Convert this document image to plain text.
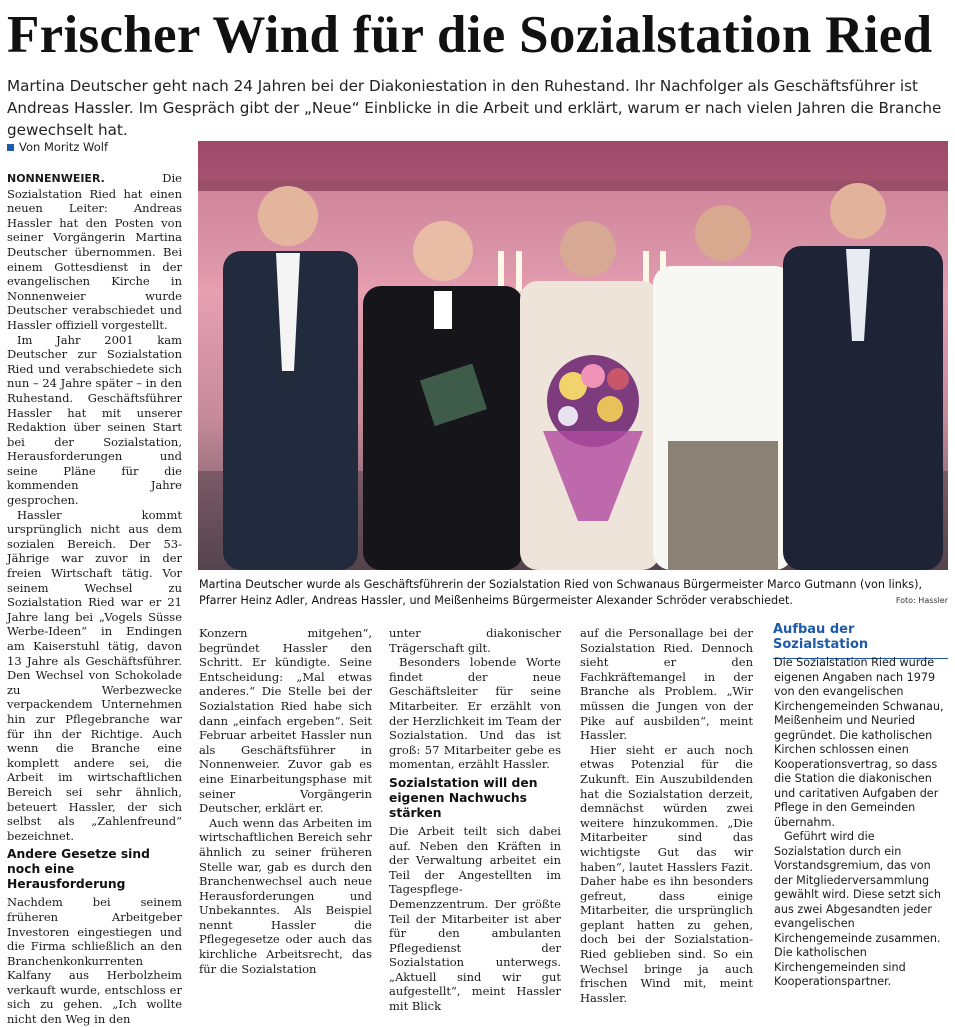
Frischer Wind für die Sozialstation Ried
Martina Deutscher geht nach 24 Jahren bei der Diakoniestation in den Ruhestand. Ihr Nachfolger als Geschäftsführer ist Andreas Hassler. Im Gespräch gibt der „Neue“ Einblicke in die Arbeit und erklärt, warum er nach vielen Jahren die Branche gewechselt hat.
Von Moritz Wolf
Martina Deutscher wurde als Geschäftsführerin der Sozialstation Ried von Schwanaus Bürgermeister Marco Gutmann (von links), Pfarrer Heinz Adler, Andreas Hassler, und Meißenheims Bürgermeister Alexander Schröder verabschiedet.	Foto: Hassler

NONNENWEIER.	Die Sozialstation Ried hat einen neuen Leiter: Andreas Hassler hat den Posten von seiner Vorgängerin Martina Deutscher übernommen. Bei einem Gottesdienst in der evangelischen Kirche in Nonnenweier wurde Deutscher verabschiedet und Hassler offiziell vorgestellt.

Im Jahr 2001 kam Deutscher zur Sozialstation Ried und verabschiedete sich nun – 24 Jahre später – in den Ruhestand. Geschäftsführer Hassler hat mit unserer Redaktion über seinen Start bei der Sozialstation, Herausforderungen und seine Pläne für die kommenden Jahre gesprochen.

Hassler kommt ursprünglich nicht aus dem sozialen Bereich. Der 53-Jährige war zuvor in der freien Wirtschaft tätig. Vor seinem Wechsel zu Sozialstation Ried war er 21 Jahre lang bei „Vogels Süsse Werbe-Ideen“ in Endingen am Kaiserstuhl tätig, davon 13 Jahre als Geschäftsführer. Den Wechsel von Schokolade zu Werbezwecke verpackendem Unternehmen hin zur Pflegebranche war für ihn der Richtige. Auch wenn die Branche eine komplett andere sei, die Arbeit im wirtschaftlichen Bereich sei sehr ähnlich, beteuert Hassler, der sich selbst als „Zahlenfreund“ bezeichnet.

Andere Gesetze sind noch eine Herausforderung

Nachdem bei seinem früheren Arbeitgeber Investoren eingestiegen und die Firma schließlich an den Branchenkonkurrenten Kalfany aus Herbolzheim verkauft wurde, entschloss er sich zu gehen. „Ich wollte nicht den Weg in den

Konzern mitgehen“, begründet Hassler den Schritt. Er kündigte. Seine Entscheidung: „Mal etwas anderes.“ Die Stelle bei der Sozialstation Ried habe sich dann „einfach ergeben“. Seit Februar arbeitet Hassler nun als Geschäftsführer in Nonnenweier. Zuvor gab es eine Einarbeitungsphase mit seiner Vorgängerin Deutscher, erklärt er.

Auch wenn das Arbeiten im wirtschaftlichen Bereich sehr ähnlich zu seiner früheren Stelle war, gab es durch den Branchenwechsel auch neue Herausforderungen und Unbekanntes. Als Beispiel nennt Hassler die Pflegegesetze oder auch das kirchliche Arbeitsrecht, das für die Sozialstation

unter diakonischer Trägerschaft gilt.

Besonders lobende Worte findet der neue Geschäftsleiter für seine Mitarbeiter. Er erzählt von der Herzlichkeit im Team der Sozialstation. Und das ist groß: 57 Mitarbeiter gebe es momentan, erzählt Hassler.

Sozialstation will den eigenen Nachwuchs stärken

Die Arbeit teilt sich dabei auf. Neben den Kräften in der Verwaltung arbeitet ein Teil der Angestellten im Tagespflege-Demenzzentrum. Der größte Teil der Mitarbeiter ist aber für den ambulanten Pflegedienst der Sozialstation unterwegs. „Aktuell sind wir gut aufgestellt“, meint Hassler mit Blick

auf die Personallage bei der Sozialstation Ried. Dennoch sieht er den Fachkräftemangel in der Branche als Problem. „Wir müssen die Jungen von der Pike auf ausbilden“, meint Hassler.

Hier sieht er auch noch etwas Potenzial für die Zukunft. Ein Auszubildenden hat die Sozialstation derzeit, demnächst würden zwei weitere hinzukommen. „Die Mitarbeiter sind das wichtigste Gut das wir haben“, lautet Hasslers Fazit. Daher habe es ihn besonders gefreut, dass einige Mitarbeiter, die ursprünglich geplant hatten zu gehen, doch bei der Sozialstation-Ried geblieben sind. So ein Wechsel bringe ja auch frischen Wind mit, meint Hassler.

Aufbau der Sozialstation

Die Sozialstation Ried wurde eigenen Angaben nach 1979 von den evangelischen Kirchengemeinden Schwanau, Meißenheim und Neuried gegründet. Die katholischen Kirchen schlossen einen Kooperationsvertrag, so dass die Station die diakonischen und caritativen Aufgaben der Pflege in den Gemeinden übernahm.

Geführt wird die Sozialstation durch ein Vorstandsgremium, das von der Mitgliederversammlung gewählt wird. Diese setzt sich aus zwei Abgesandten jeder evangelischen Kirchengemeinde zusammen. Die katholischen Kirchengemeinden sind Kooperationspartner.
